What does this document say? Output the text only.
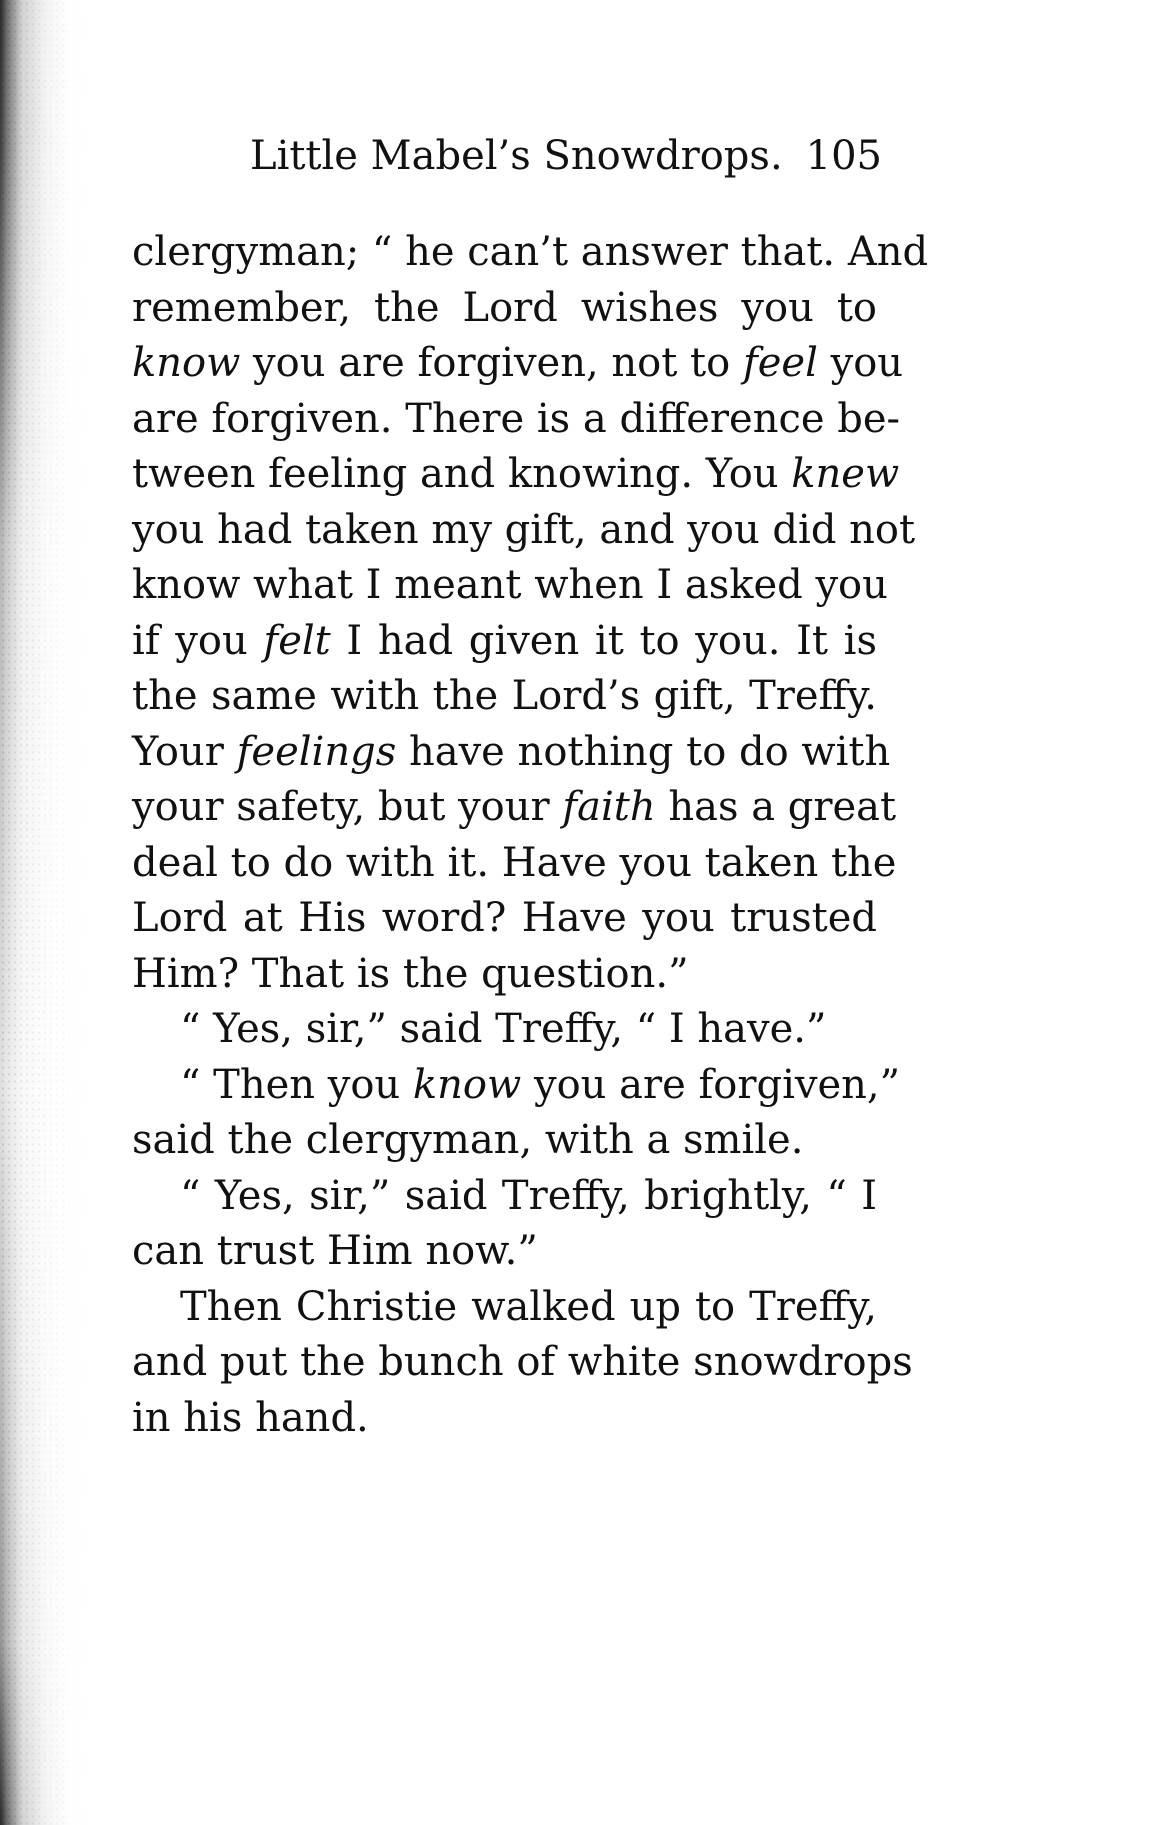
Little Mabel’s Snowdrops. 105
clergyman; “ he can’t answer that. And
remember, the Lord wishes you to
know you are forgiven, not to feel you
are forgiven. There is a difference be-
tween feeling and knowing. You knew
you had taken my gift, and you did not
know what I meant when I asked you
if you felt I had given it to you. It is
the same with the Lord’s gift, Treffy.
Your feelings have nothing to do with
your safety, but your faith has a great
deal to do with it. Have you taken the
Lord at His word? Have you trusted
Him? That is the question.”
“ Yes, sir,” said Treffy, “ I have.”
“ Then you know you are forgiven,”
said the clergyman, with a smile.
“ Yes, sir,” said Treffy, brightly, “ I
can trust Him now.”
Then Christie walked up to Treffy,
and put the bunch of white snowdrops
in his hand.
